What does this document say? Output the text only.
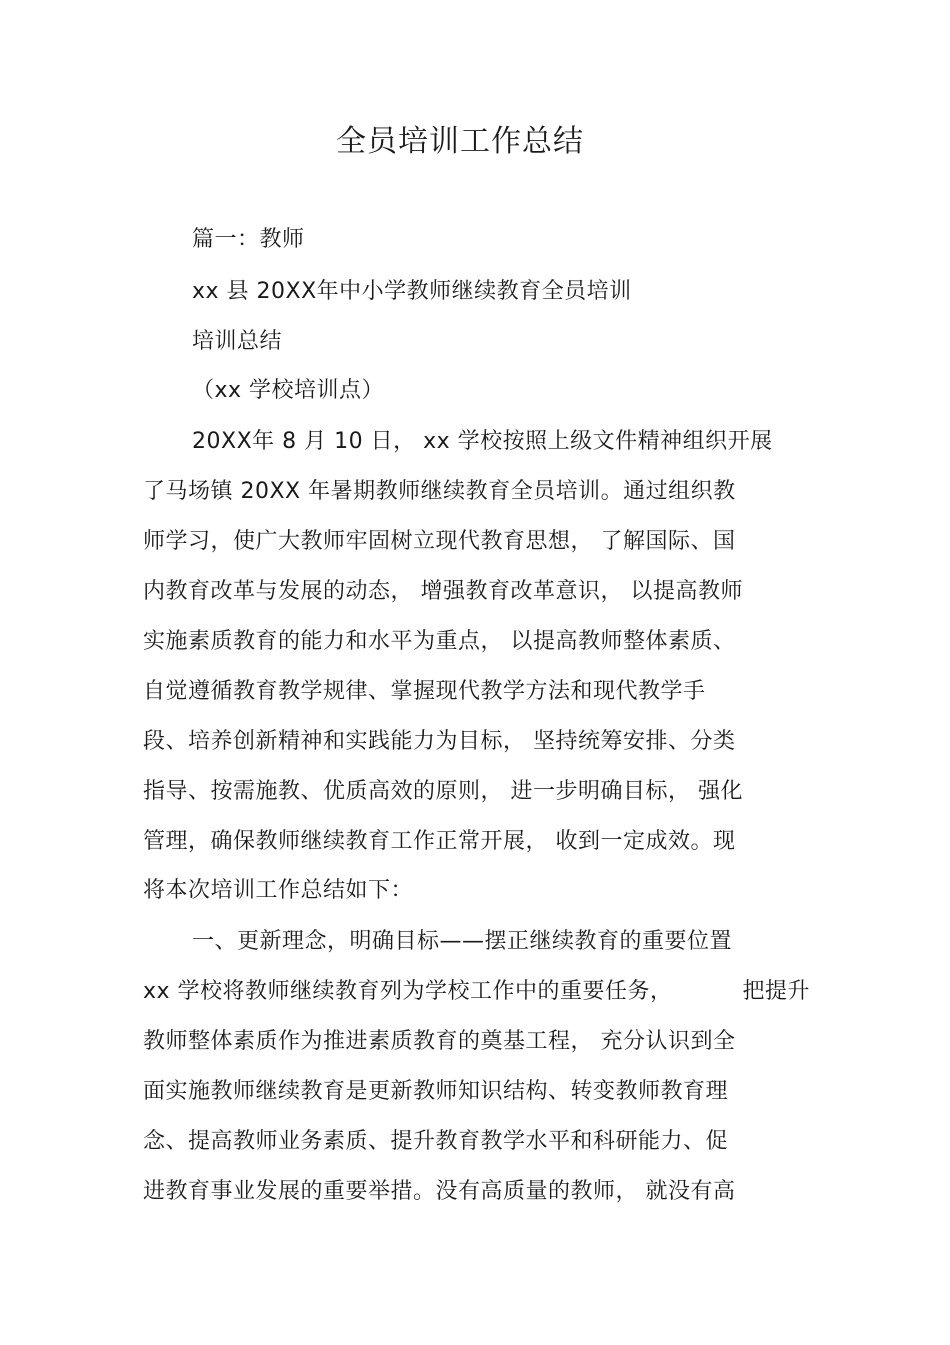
全员培训工作总结
篇一：教师
xx 县 20XX年中小学教师继续教育全员培训
培训总结
（xx 学校培训点）
20XX年 8 月 10 日， xx 学校按照上级文件精神组织开展
了马场镇 20XX 年暑期教师继续教育全员培训。通过组织教
师学习，使广大教师牢固树立现代教育思想， 了解国际、国
内教育改革与发展的动态， 增强教育改革意识， 以提高教师
实施素质教育的能力和水平为重点， 以提高教师整体素质、
自觉遵循教育教学规律、掌握现代教学方法和现代教学手
段、培养创新精神和实践能力为目标， 坚持统筹安排、分类
指导、按需施教、优质高效的原则， 进一步明确目标， 强化
管理，确保教师继续教育工作正常开展， 收到一定成效。现
将本次培训工作总结如下：
一、更新理念，明确目标——摆正继续教育的重要位置
xx 学校将教师继续教育列为学校工作中的重要任务，	把提升
教师整体素质作为推进素质教育的奠基工程， 充分认识到全
面实施教师继续教育是更新教师知识结构、转变教师教育理
念、提高教师业务素质、提升教育教学水平和科研能力、促
进教育事业发展的重要举措。没有高质量的教师， 就没有高
